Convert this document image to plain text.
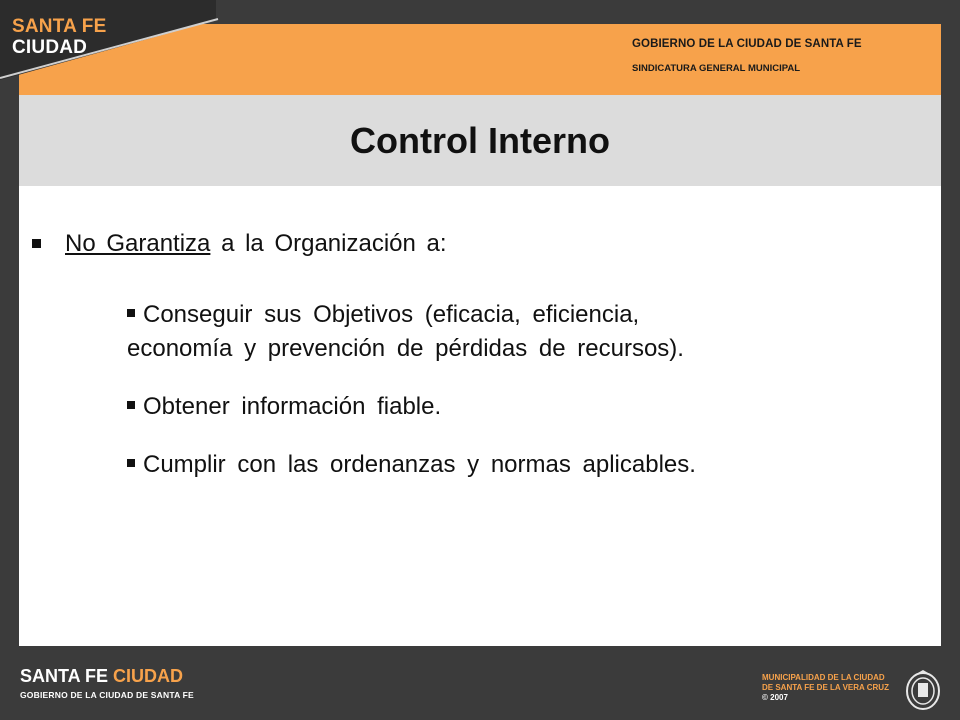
SANTA FE
CIUDAD	GOBIERNO DE LA CIUDAD DE SANTA FE
SINDICATURA GENERAL MUNICIPAL
Control Interno
No Garantiza a la Organización a:
Conseguir sus Objetivos (eficacia, eficiencia,
economía y prevención de pérdidas de recursos).
Obtener información fiable.
Cumplir con las ordenanzas y normas aplicables.
SANTA FE CIUDAD
GOBIERNO DE LA CIUDAD DE SANTA FE
MUNICIPALIDAD DE LA CIUDAD
DE SANTA FE DE LA VERA CRUZ
© 2007
